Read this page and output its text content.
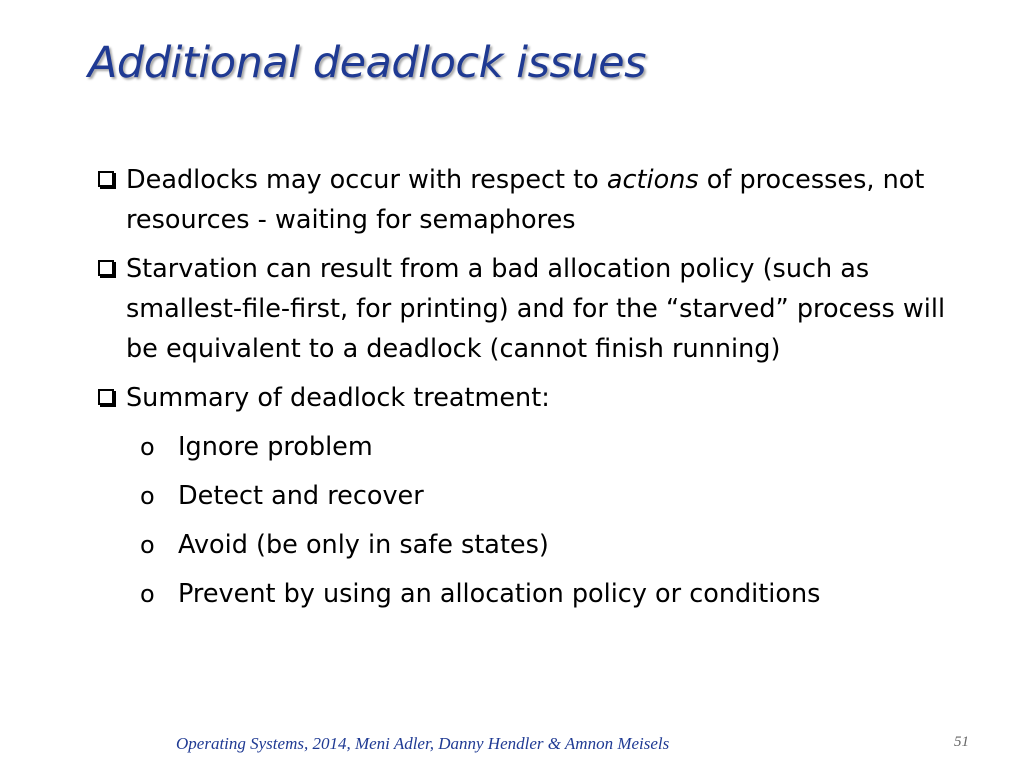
Additional deadlock issues
Deadlocks may occur with respect to actions of processes, not resources - waiting for semaphores
Starvation can result from a bad allocation policy (such as smallest-file-first, for printing) and for the “starved” process will be equivalent to a deadlock (cannot finish running)
Summary of deadlock treatment:
o Ignore problem
o Detect and recover
o Avoid (be only in safe states)
o Prevent by using an allocation policy or conditions
Operating Systems, 2014, Meni Adler, Danny Hendler & Amnon Meisels	51
